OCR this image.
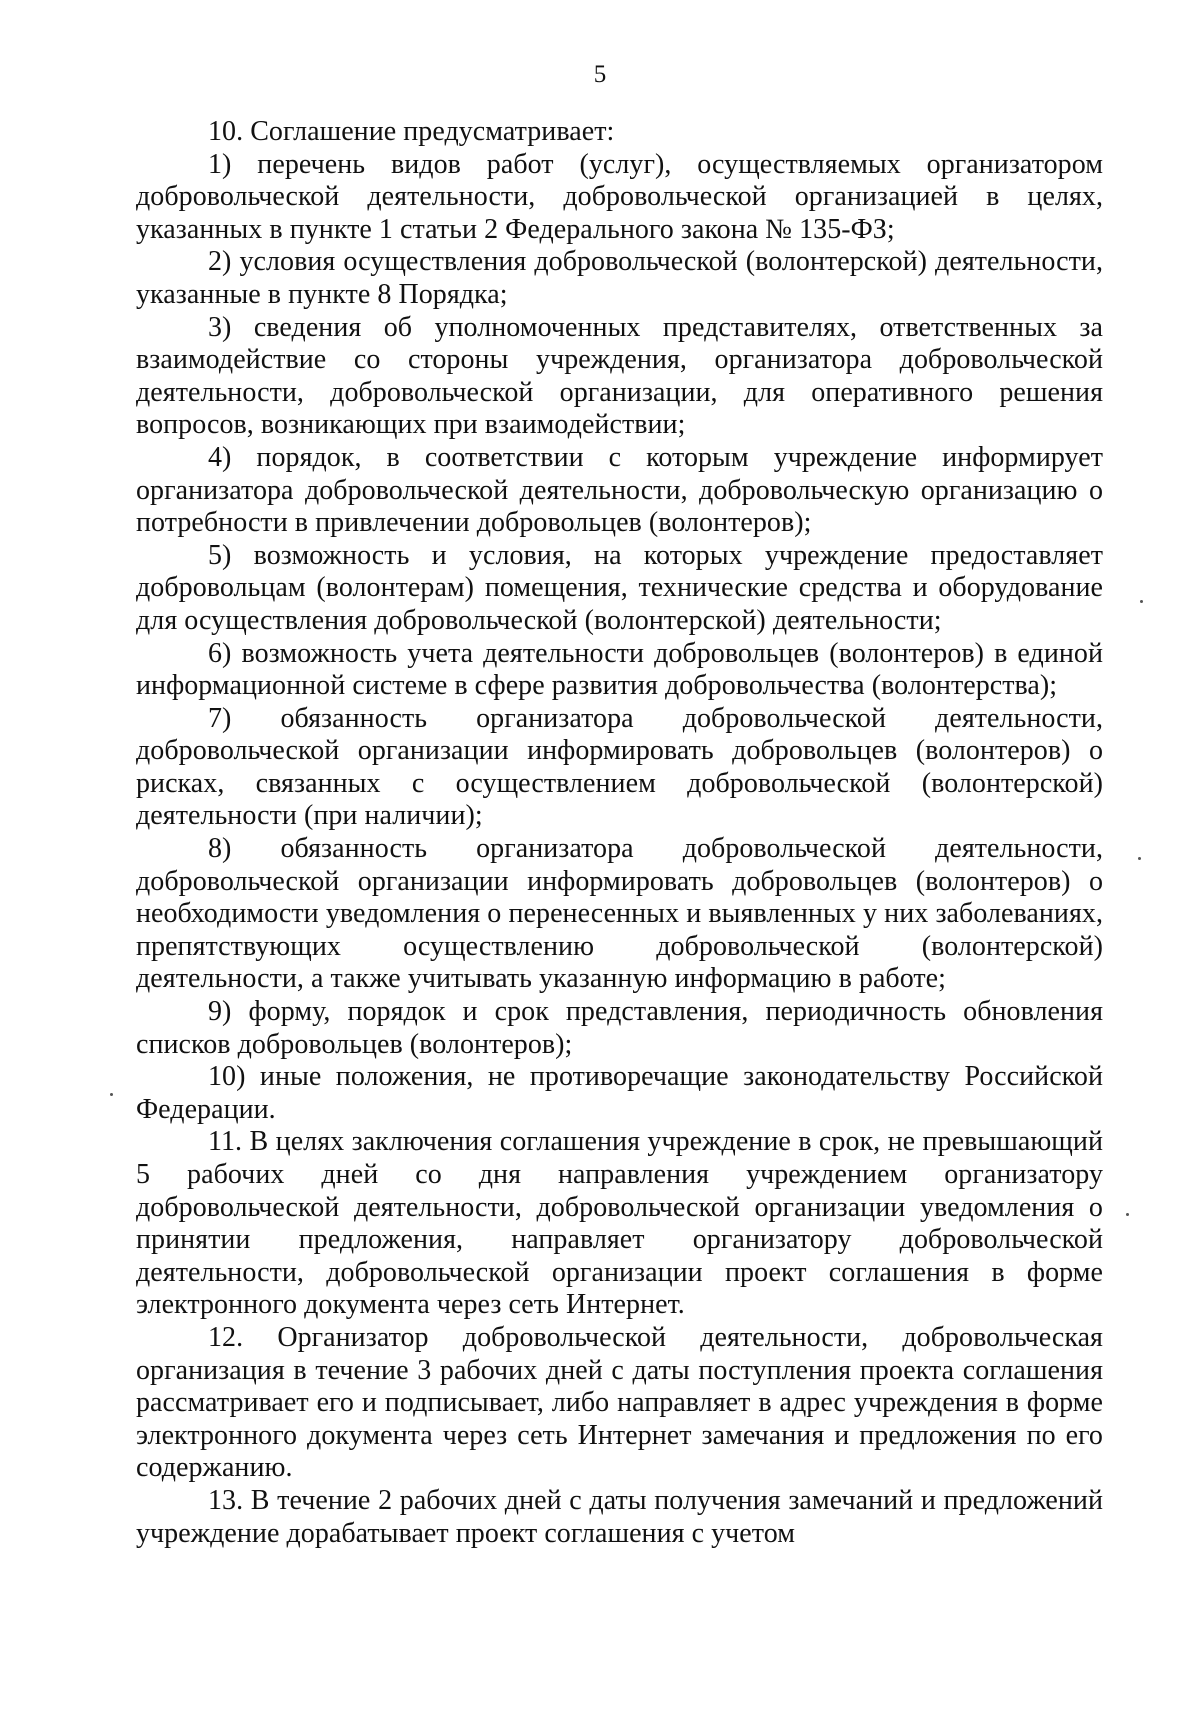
5

10. Соглашение предусматривает:

1) перечень видов работ (услуг), осуществляемых организатором добровольческой деятельности, добровольческой организацией в целях, указанных в пункте 1 статьи 2 Федерального закона № 135-ФЗ;

2) условия осуществления добровольческой (волонтерской) деятельности, указанные в пункте 8 Порядка;

3) сведения об уполномоченных представителях, ответственных за взаимодействие со стороны учреждения, организатора добровольческой деятельности, добровольческой организации, для оперативного решения вопросов, возникающих при взаимодействии;

4) порядок, в соответствии с которым учреждение информирует организатора добровольческой деятельности, добровольческую организацию о потребности в привлечении добровольцев (волонтеров);

5) возможность и условия, на которых учреждение предоставляет добровольцам (волонтерам) помещения, технические средства и оборудование для осуществления добровольческой (волонтерской) деятельности;

6) возможность учета деятельности добровольцев (волонтеров) в единой информационной системе в сфере развития добровольчества (волонтерства);

7) обязанность организатора добровольческой деятельности, добровольческой организации информировать добровольцев (волонтеров) о рисках, связанных с осуществлением добровольческой (волонтерской) деятельности (при наличии);

8) обязанность организатора добровольческой деятельности, добровольческой организации информировать добровольцев (волонтеров) о необходимости уведомления о перенесенных и выявленных у них заболеваниях, препятствующих осуществлению добровольческой (волонтерской) деятельности, а также учитывать указанную информацию в работе;

9) форму, порядок и срок представления, периодичность обновления списков добровольцев (волонтеров);

10) иные положения, не противоречащие законодательству Российской Федерации.

11. В целях заключения соглашения учреждение в срок, не превышающий 5 рабочих дней со дня направления учреждением организатору добровольческой деятельности, добровольческой организации уведомления о принятии предложения, направляет организатору добровольческой деятельности, добровольческой организации проект соглашения в форме электронного документа через сеть Интернет.

12. Организатор добровольческой деятельности, добровольческая организация в течение 3 рабочих дней с даты поступления проекта соглашения рассматривает его и подписывает, либо направляет в адрес учреждения в форме электронного документа через сеть Интернет замечания и предложения по его содержанию.

13. В течение 2 рабочих дней с даты получения замечаний и предложений учреждение дорабатывает проект соглашения с учетом
